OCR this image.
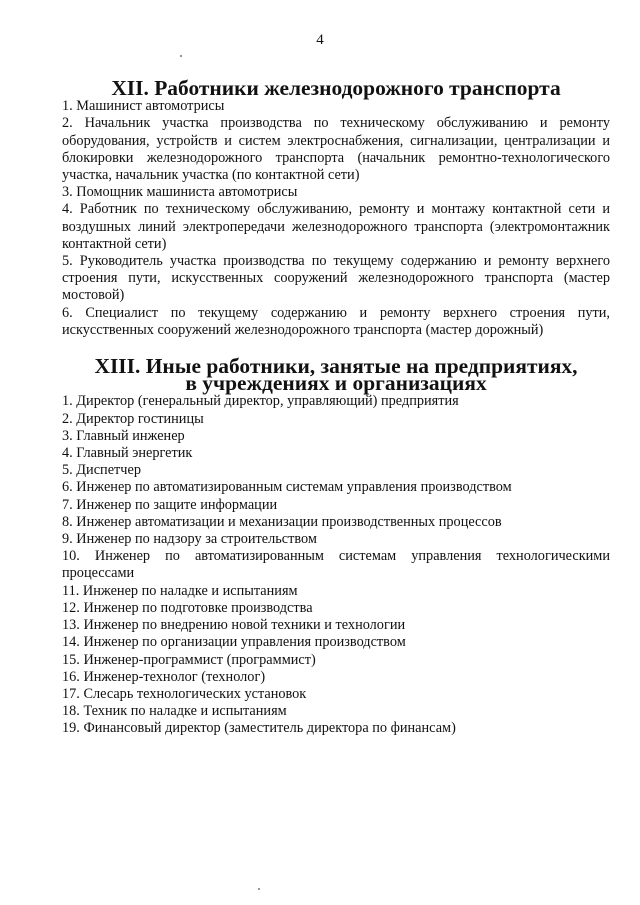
4
XII. Работники железнодорожного транспорта

1. Машинист автомотрисы

2. Начальник участка производства по техническому обслуживанию и ремонту оборудования, устройств и систем электроснабжения, сигнализации, централизации и блокировки железнодорожного транспорта (начальник ремонтно-технологического участка, начальник участка (по контактной сети)

3. Помощник машиниста автомотрисы

4. Работник по техническому обслуживанию, ремонту и монтажу контактной сети и воздушных линий электропередачи железнодорожного транспорта (электромонтажник контактной сети)

5. Руководитель участка производства по текущему содержанию и ремонту верхнего строения пути, искусственных сооружений железнодорожного транспорта (мастер мостовой)

6. Специалист по текущему содержанию и ремонту верхнего строения пути, искусственных сооружений железнодорожного транспорта (мастер дорожный)

XIII. Иные работники, занятые на предприятиях,
в учреждениях и организациях

1. Директор (генеральный директор, управляющий) предприятия

2. Директор гостиницы

3. Главный инженер

4. Главный энергетик

5. Диспетчер

6. Инженер по автоматизированным системам управления производством

7. Инженер по защите информации

8. Инженер автоматизации и механизации производственных процессов

9. Инженер по надзору за строительством

10. Инженер по автоматизированным системам управления технологическими процессами

11. Инженер по наладке и испытаниям

12. Инженер по подготовке производства

13. Инженер по внедрению новой техники и технологии

14. Инженер по организации управления производством

15. Инженер-программист (программист)

16. Инженер-технолог (технолог)

17. Слесарь технологических установок

18. Техник по наладке и испытаниям

19. Финансовый директор (заместитель директора по финансам)
